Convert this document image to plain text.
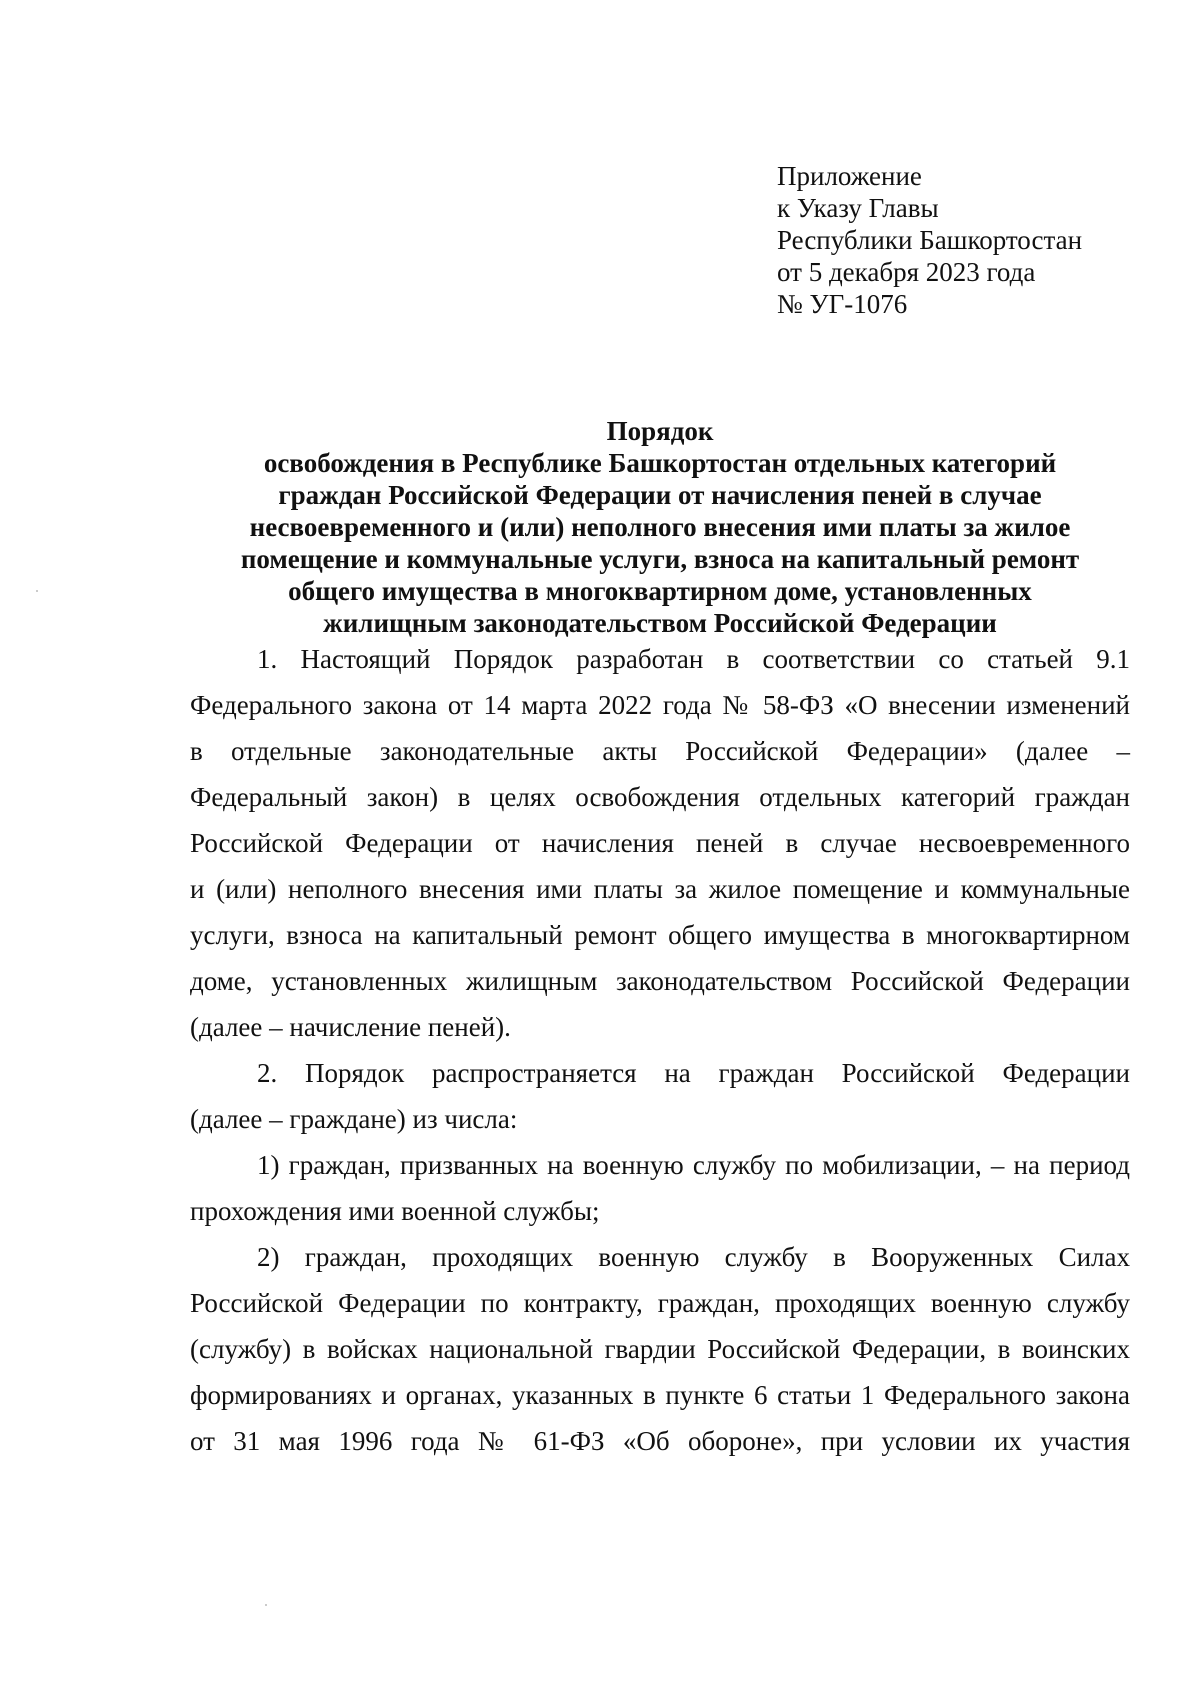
Приложение
к Указу Главы
Республики Башкортостан
от 5 декабря 2023 года
№ УГ-1076
Порядок
освобождения в Республике Башкортостан отдельных категорий
граждан Российской Федерации от начисления пеней в случае
несвоевременного и (или) неполного внесения ими платы за жилое
помещение и коммунальные услуги, взноса на капитальный ремонт
общего имущества в многоквартирном доме, установленных
жилищным законодательством Российской Федерации
1. Настоящий Порядок разработан в соответствии со статьей 9.1
Федерального закона от 14 марта 2022 года № 58-ФЗ «О внесении изменений
в отдельные законодательные акты Российской Федерации» (далее –
Федеральный закон) в целях освобождения отдельных категорий граждан
Российской Федерации от начисления пеней в случае несвоевременного
и (или) неполного внесения ими платы за жилое помещение и коммунальные
услуги, взноса на капитальный ремонт общего имущества в многоквартирном
доме, установленных жилищным законодательством Российской Федерации
(далее – начисление пеней).
2. Порядок распространяется на граждан Российской Федерации
(далее – граждане) из числа:
1) граждан, призванных на военную службу по мобилизации, – на период
прохождения ими военной службы;
2) граждан, проходящих военную службу в Вооруженных Силах
Российской Федерации по контракту, граждан, проходящих военную службу
(службу) в войсках национальной гвардии Российской Федерации, в воинских
формированиях и органах, указанных в пункте 6 статьи 1 Федерального закона
от 31 мая 1996 года № 61-ФЗ «Об обороне», при условии их участия
